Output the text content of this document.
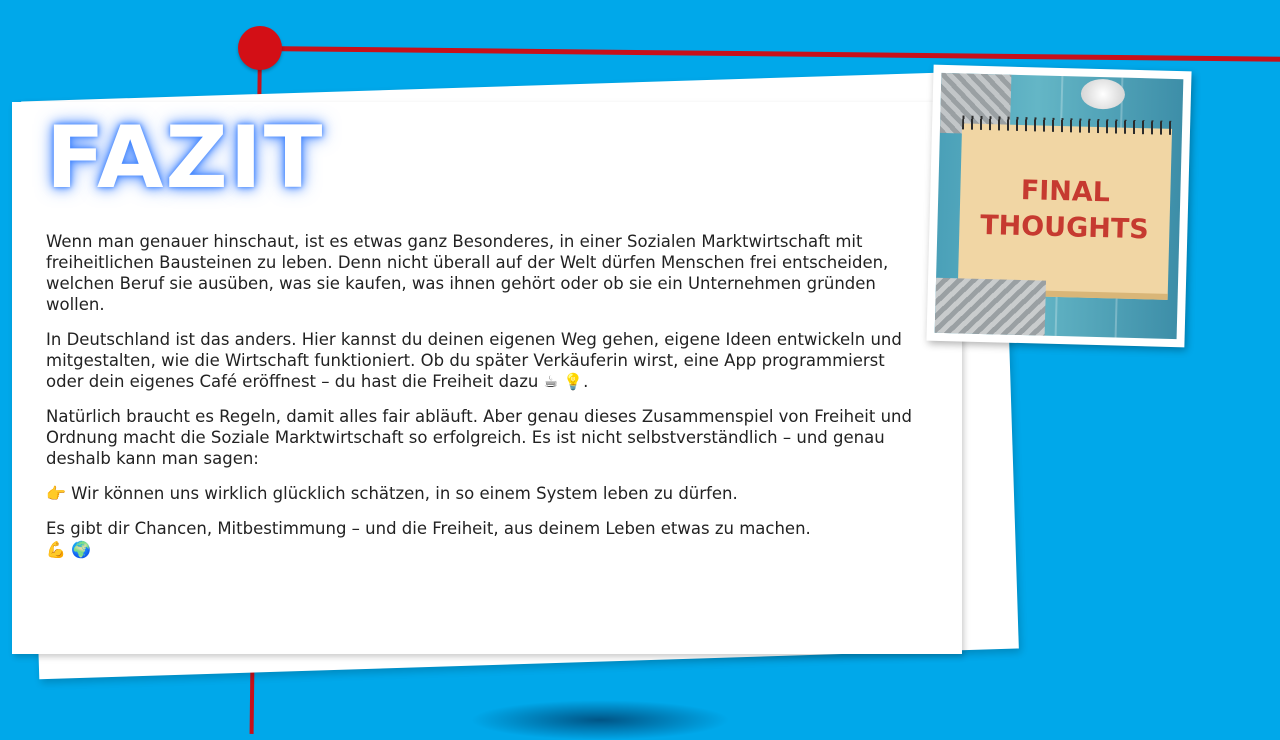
FAZIT

Wenn man genauer hinschaut, ist es etwas ganz Besonderes, in einer Sozialen Marktwirtschaft mit freiheitlichen Bausteinen zu leben. Denn nicht überall auf der Welt dürfen Menschen frei entscheiden, welchen Beruf sie ausüben, was sie kaufen, was ihnen gehört oder ob sie ein Unternehmen gründen wollen.

In Deutschland ist das anders. Hier kannst du deinen eigenen Weg gehen, eigene Ideen entwickeln und mitgestalten, wie die Wirtschaft funktioniert. Ob du später Verkäuferin wirst, eine App programmierst oder dein eigenes Café eröffnest – du hast die Freiheit dazu ☕ 💡.

Natürlich braucht es Regeln, damit alles fair abläuft. Aber genau dieses Zusammenspiel von Freiheit und Ordnung macht die Soziale Marktwirtschaft so erfolgreich. Es ist nicht selbstverständlich – und genau deshalb kann man sagen:

👉 Wir können uns wirklich glücklich schätzen, in so einem System leben zu dürfen.

Es gibt dir Chancen, Mitbestimmung – und die Freiheit, aus deinem Leben etwas zu machen.
💪 🌍

FINAL
THOUGHTS
